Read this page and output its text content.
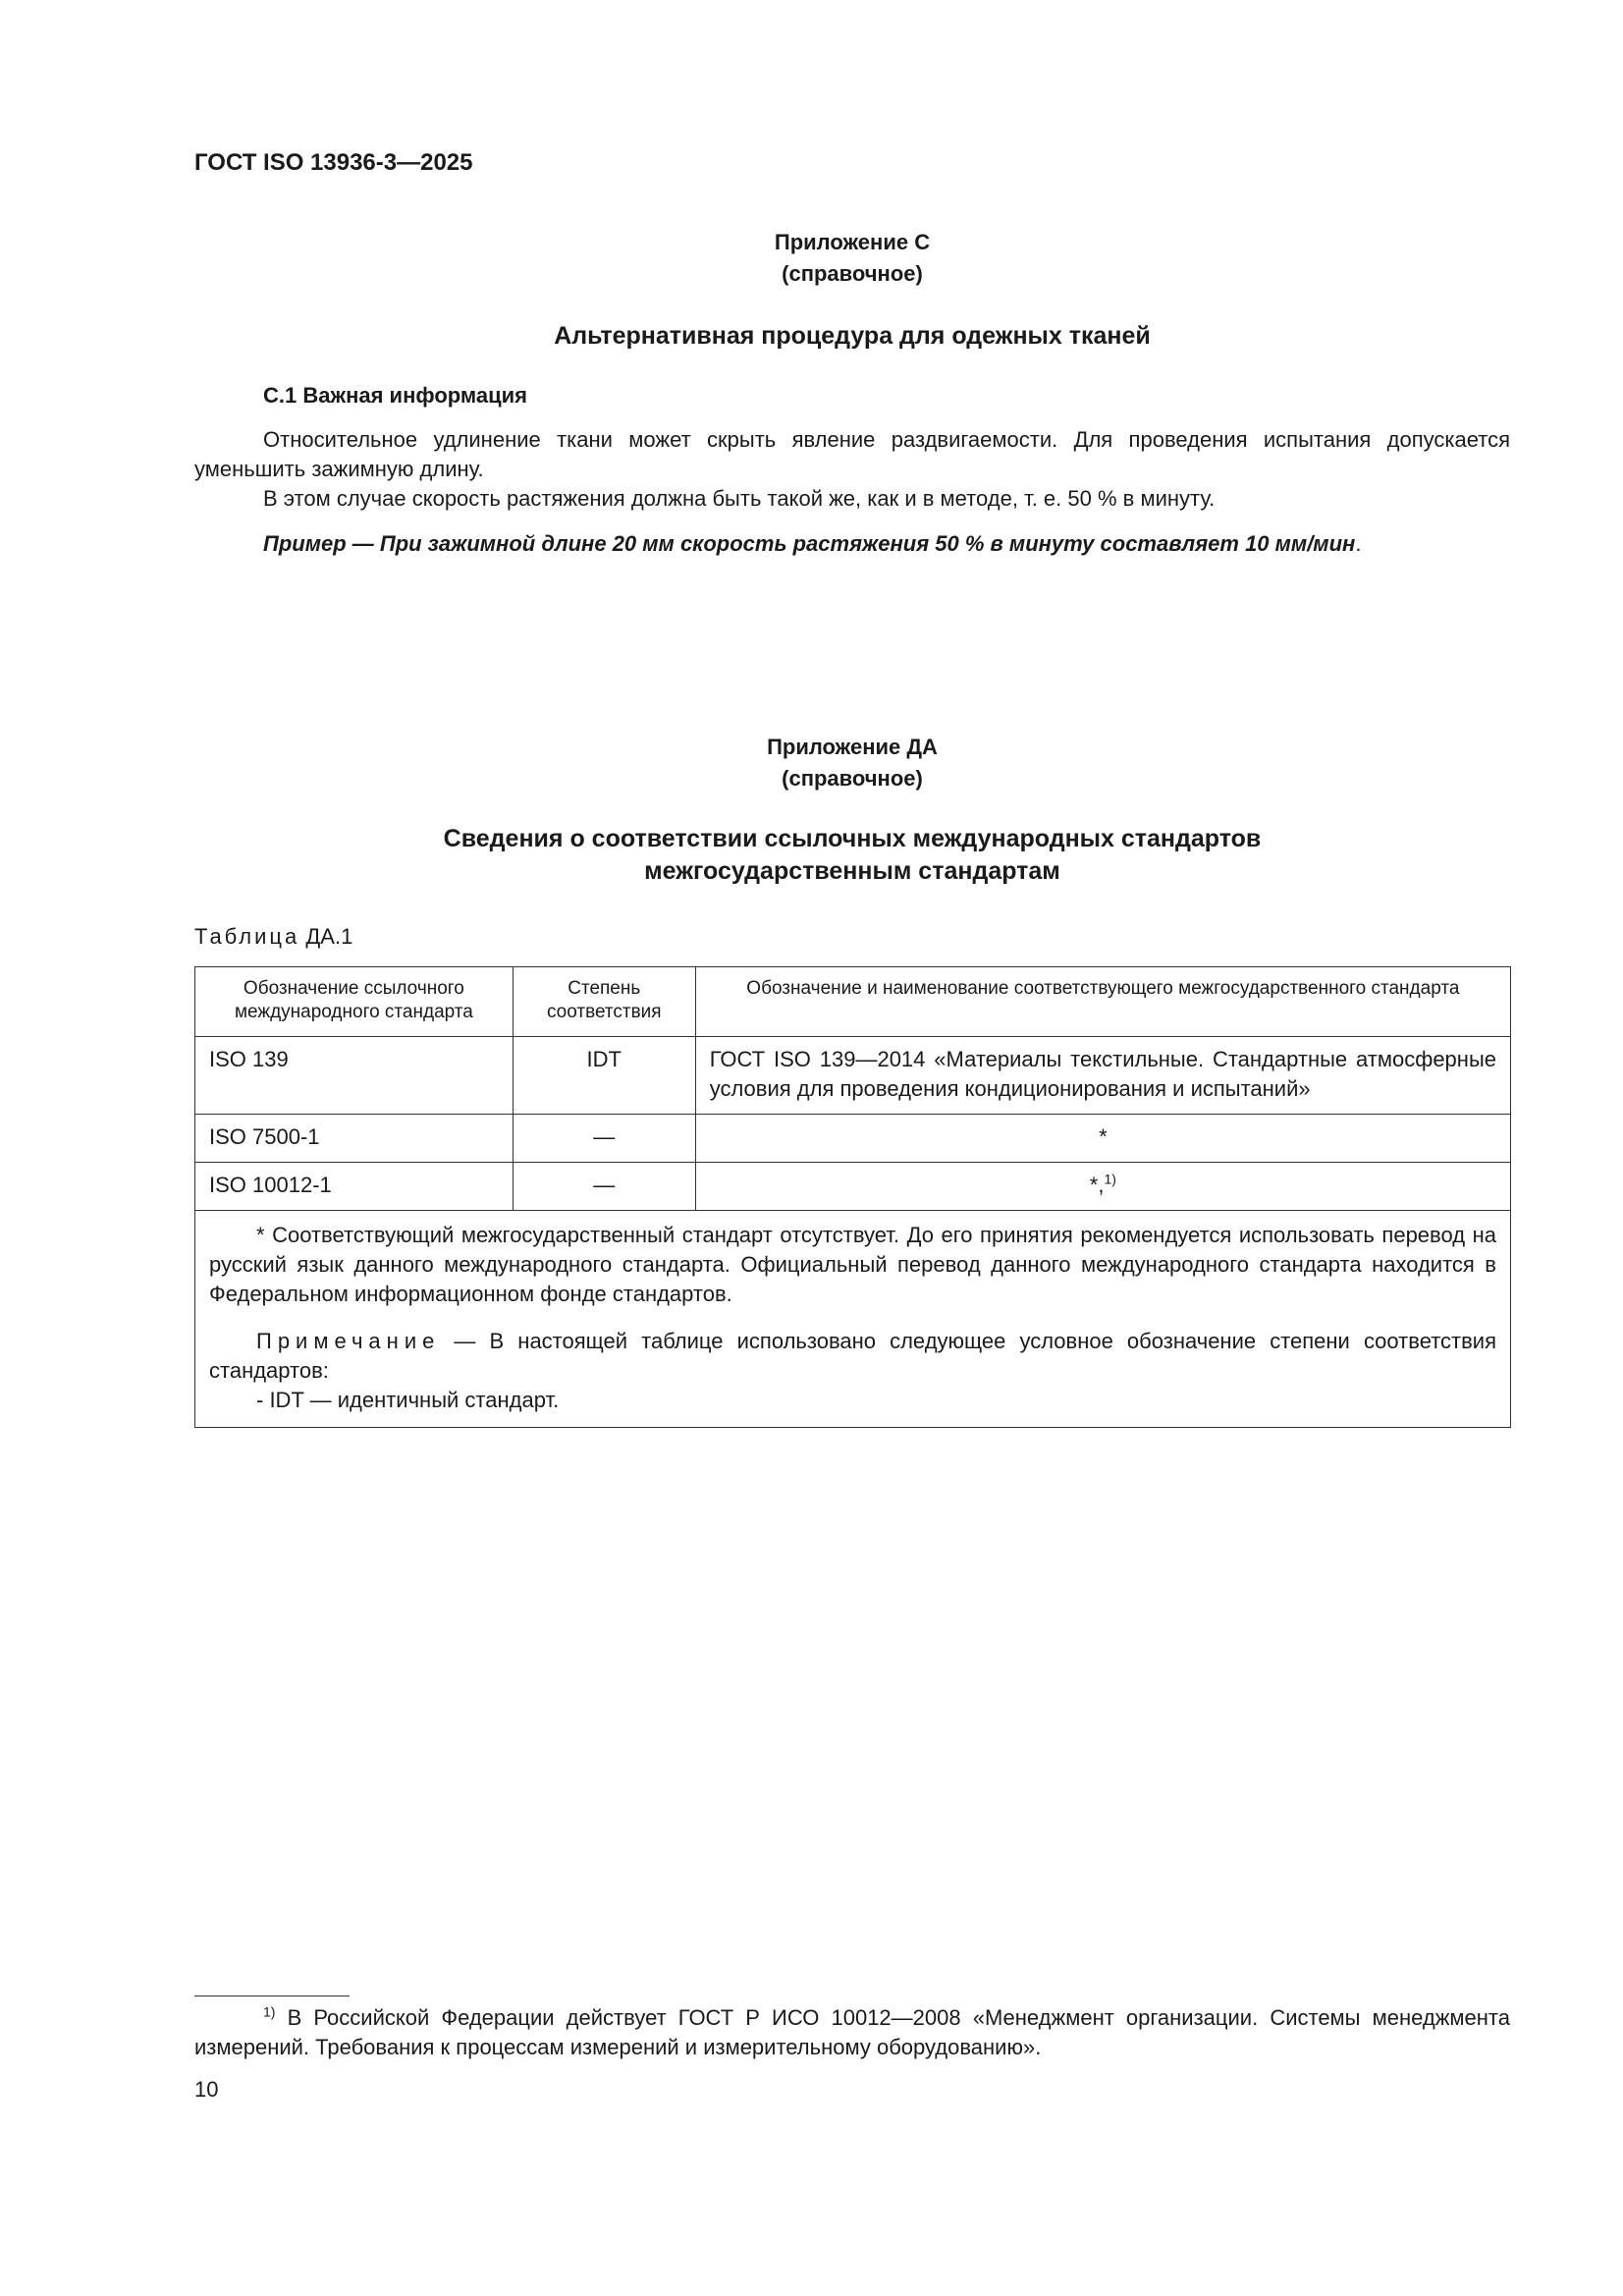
ГОСТ ISO 13936-3—2025
Приложение С
(справочное)
Альтернативная процедура для одежных тканей
С.1 Важная информация
Относительное удлинение ткани может скрыть явление раздвигаемости. Для проведения испытания допускается уменьшить зажимную длину.
В этом случае скорость растяжения должна быть такой же, как и в методе, т. е. 50 % в минуту.
Пример — При зажимной длине 20 мм скорость растяжения 50 % в минуту составляет 10 мм/мин.
Приложение ДА
(справочное)
Сведения о соответствии ссылочных международных стандартов
межгосударственным стандартам
Таблица ДА.1
Обозначение ссылочного международного стандарта	Степень соответствия	Обозначение и наименование соответствующего межгосударственного стандарта
ISO 139	IDT	ГОСТ ISO 139—2014 «Материалы текстильные. Стандартные атмосферные условия для проведения кондиционирования и испытаний»
ISO 7500-1	—	*
ISO 10012-1	—	*,$^{1)}$

* Соответствующий межгосударственный стандарт отсутствует. До его принятия рекомендуется использовать перевод на русский язык данного международного стандарта. Официальный перевод данного международного стандарта находится в Федеральном информационном фонде стандартов.
Примечание — В настоящей таблице использовано следующее условное обозначение степени соответствия стандартов:
- IDT — идентичный стандарт.		
$^{1)}$ В Российской Федерации действует ГОСТ Р ИСО 10012—2008 «Менеджмент организации. Системы менеджмента измерений. Требования к процессам измерений и измерительному оборудованию».
10
